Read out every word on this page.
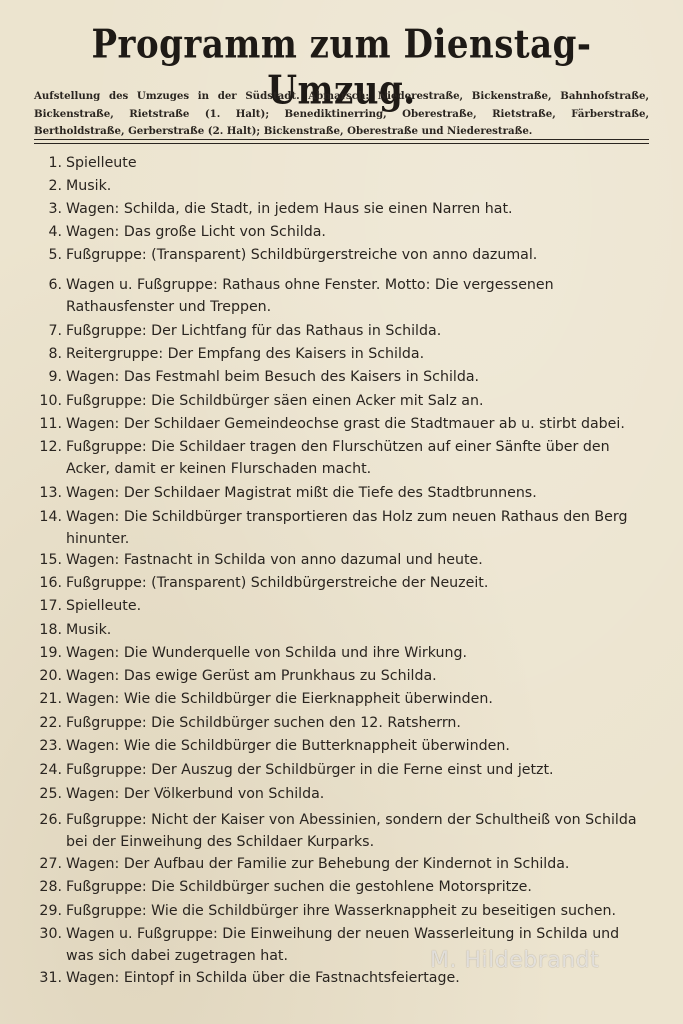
Programm zum Dienstag-Umzug.
Aufstellung des Umzuges in der Südstadt. Abmarsch: Niederestraße, Bickenstraße, Bahnhofstraße, Bickenstraße, Rietstraße (1. Halt); Benediktinerring, Oberestraße, Rietstraße, Färberstraße, Bertholdstraße, Gerberstraße (2. Halt); Bickenstraße, Oberestraße und Niederestraße.
1. Spielleute
2. Musik.
3. Wagen: Schilda, die Stadt, in jedem Haus sie einen Narren hat.
4. Wagen: Das große Licht von Schilda.
5. Fußgruppe: (Transparent) Schildbürgerstreiche von anno dazumal.
6. Wagen u. Fußgruppe: Rathaus ohne Fenster. Motto: Die vergessenen Rathausfenster und Treppen.
7. Fußgruppe: Der Lichtfang für das Rathaus in Schilda.
8. Reitergruppe: Der Empfang des Kaisers in Schilda.
9. Wagen: Das Festmahl beim Besuch des Kaisers in Schilda.
10. Fußgruppe: Die Schildbürger säen einen Acker mit Salz an.
11. Wagen: Der Schildaer Gemeindeochse grast die Stadtmauer ab u. stirbt dabei.
12. Fußgruppe: Die Schildaer tragen den Flurschützen auf einer Sänfte über den Acker, damit er keinen Flurschaden macht.
13. Wagen: Der Schildaer Magistrat mißt die Tiefe des Stadtbrunnens.
14. Wagen: Die Schildbürger transportieren das Holz zum neuen Rathaus den Berg hinunter.
15. Wagen: Fastnacht in Schilda von anno dazumal und heute.
16. Fußgruppe: (Transparent) Schildbürgerstreiche der Neuzeit.
17. Spielleute.
18. Musik.
19. Wagen: Die Wunderquelle von Schilda und ihre Wirkung.
20. Wagen: Das ewige Gerüst am Prunkhaus zu Schilda.
21. Wagen: Wie die Schildbürger die Eierknappheit überwinden.
22. Fußgruppe: Die Schildbürger suchen den 12. Ratsherrn.
23. Wagen: Wie die Schildbürger die Butterknappheit überwinden.
24. Fußgruppe: Der Auszug der Schildbürger in die Ferne einst und jetzt.
25. Wagen: Der Völkerbund von Schilda.
26. Fußgruppe: Nicht der Kaiser von Abessinien, sondern der Schultheiß von Schilda bei der Einweihung des Schildaer Kurparks.
27. Wagen: Der Aufbau der Familie zur Behebung der Kindernot in Schilda.
28. Fußgruppe: Die Schildbürger suchen die gestohlene Motorspritze.
29. Fußgruppe: Wie die Schildbürger ihre Wasserknappheit zu beseitigen suchen.
30. Wagen u. Fußgruppe: Die Einweihung der neuen Wasserleitung in Schilda und was sich dabei zugetragen hat.
31. Wagen: Eintopf in Schilda über die Fastnachtsfeiertage.
M. Hildebrandt
